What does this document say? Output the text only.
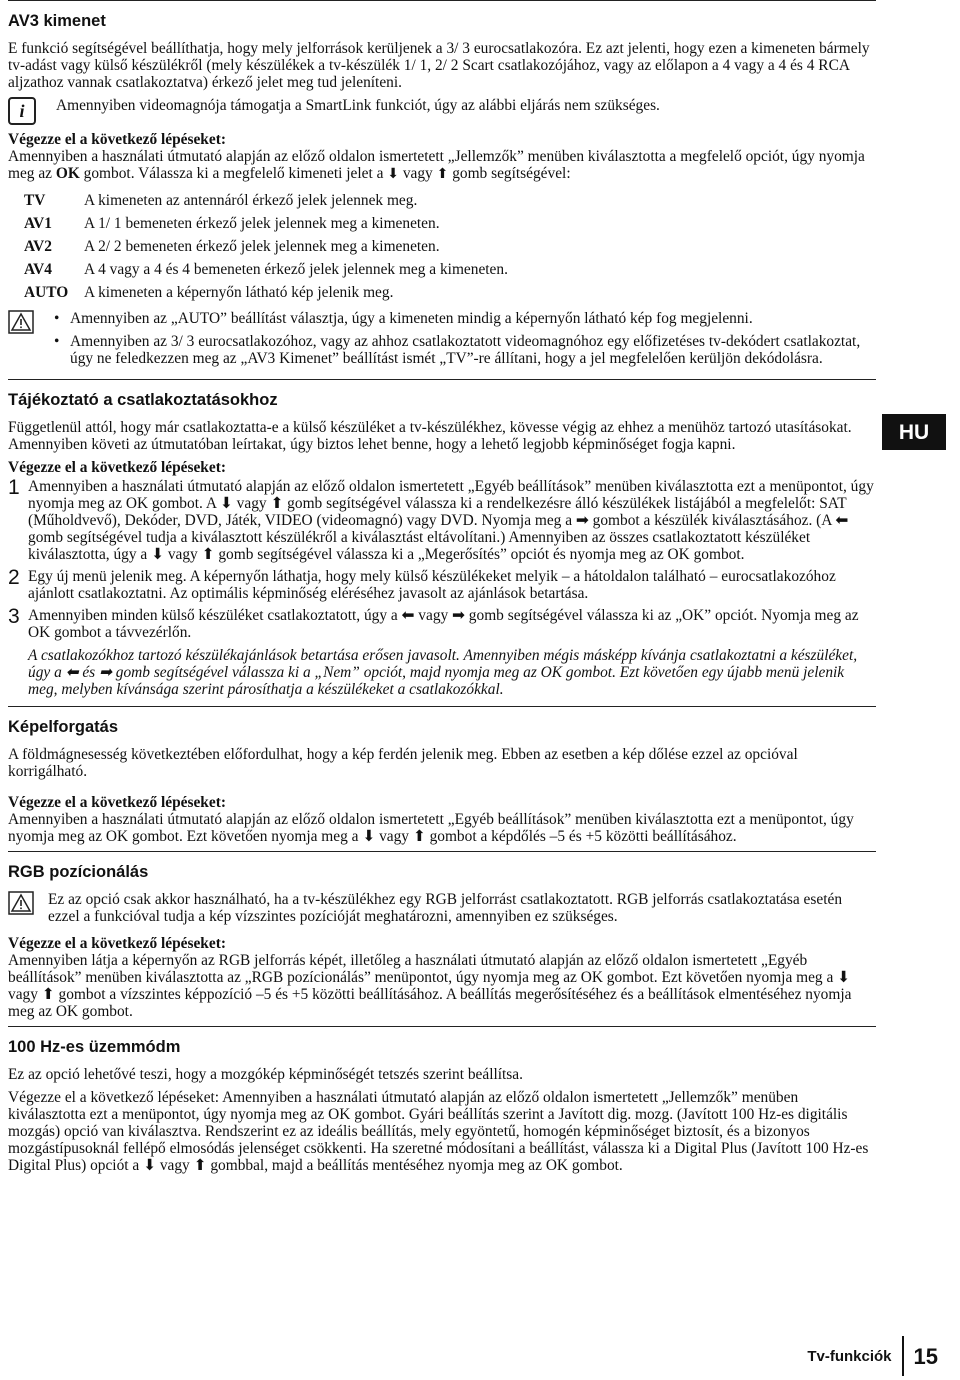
AV3 kimenet

E funkció segítségével beállíthatja, hogy mely jelforrások kerüljenek a 3/ 3 eurocsatlakozóra. Ez azt jelenti, hogy ezen a kimeneten bármely tv-adást vagy külső készülékről (mely készülékek a tv-készülék 1/ 1, 2/ 2 Scart csatlakozójához, vagy az előlapon a 4 vagy a 4 és 4 RCA aljzathoz vannak csatlakoztatva) érkező jelet meg tud jeleníteni.

i	Amennyiben videomagnója támogatja a SmartLink funkciót, úgy az alábbi eljárás nem szükséges.
Végezze el a következő lépéseket:

Amennyiben a használati útmutató alapján az előző oldalon ismertetett „Jellemzők” menüben kiválasztotta a megfelelő opciót, úgy nyomja meg az OK gombot. Válassza ki a megfelelő kimeneti jelet a ⬇ vagy ⬆ gomb segítségével:

TV	A kimeneten az antennáról érkező jelek jelennek meg.
AV1	A 1/ 1 bemeneten érkező jelek jelennek meg a kimeneten.
AV2	A 2/ 2 bemeneten érkező jelek jelennek meg a kimeneten.
AV4	A 4 vagy a 4 és 4 bemeneten érkező jelek jelennek meg a kimeneten.
AUTO	A kimeneten a képernyőn látható kép jelenik meg.
• Amennyiben az „AUTO” beállítást választja, úgy a kimeneten mindig a képernyőn látható kép fog megjelenni.
• Amennyiben az 3/ 3 eurocsatlakozóhoz, vagy az ahhoz csatlakoztatott videomagnóhoz egy előfizetéses tv-dekódert csatlakoztat, úgy ne feledkezzen meg az „AV3 Kimenet” beállítást ismét „TV”-re állítani, hogy a jel megfelelően kerüljön dekódolásra.
Tájékoztató a csatlakoztatásokhoz

Függetlenül attól, hogy már csatlakoztatta-e a külső készüléket a tv-készülékhez, kövesse végig az ehhez a menühöz tartozó utasításokat. Amennyiben követi az útmutatóban leírtakat, úgy biztos lehet benne, hogy a lehető legjobb képminőséget fogja kapni.

Végezze el a következő lépéseket:
1 Amennyiben a használati útmutató alapján az előző oldalon ismertetett „Egyéb beállítások” menüben kiválasztotta ezt a menüpontot, úgy nyomja meg az OK gombot. A ⬇ vagy ⬆ gomb segítségével válassza ki a rendelkezésre álló készülékek listájából a megfelelőt: SAT (Műholdvevő), Dekóder, DVD, Játék, VIDEO (videomagnó) vagy DVD. Nyomja meg a ➡ gombot a készülék kiválasztásához. (A ⬅ gomb segítségével tudja a kiválasztott készülékről a kiválasztást eltávolítani.) Amennyiben az összes csatlakoztatott készüléket kiválasztotta, úgy a ⬇ vagy ⬆ gomb segítségével válassza ki a „Megerősítés” opciót és nyomja meg az OK gombot.
2 Egy új menü jelenik meg. A képernyőn láthatja, hogy mely külső készülékeket melyik – a hátoldalon található – eurocsatlakozóhoz ajánlott csatlakoztatni. Az optimális képminőség eléréséhez javasolt az ajánlások betartása.
3 Amennyiben minden külső készüléket csatlakoztatott, úgy a ⬅ vagy ➡ gomb segítségével válassza ki az „OK” opciót. Nyomja meg az OK gombot a távvezérlőn.

A csatlakozókhoz tartozó készülékajánlások betartása erősen javasolt. Amennyiben mégis másképp kívánja csatlakoztatni a készüléket, úgy a ⬅ és ➡ gomb segítségével válassza ki a „Nem” opciót, majd nyomja meg az OK gombot. Ezt követően egy újabb menü jelenik meg, melyben kívánsága szerint párosíthatja a készülékeket a csatlakozókkal.

Képelforgatás

A földmágnesesség következtében előfordulhat, hogy a kép ferdén jelenik meg. Ebben az esetben a kép dőlése ezzel az opcióval korrigálható.

Végezze el a következő lépéseket:

Amennyiben a használati útmutató alapján az előző oldalon ismertetett „Egyéb beállítások” menüben kiválasztotta ezt a menüpontot, úgy nyomja meg az OK gombot. Ezt követően nyomja meg a ⬇ vagy ⬆ gombot a képdőlés –5 és +5 közötti beállításához.

RGB pozícionálás
Ez az opció csak akkor használható, ha a tv-készülékhez egy RGB jelforrást csatlakoztatott. RGB jelforrás csatlakoztatása esetén ezzel a funkcióval tudja a kép vízszintes pozícióját meghatározni, amennyiben ez szükséges.
Végezze el a következő lépéseket:

Amennyiben látja a képernyőn az RGB jelforrás képét, illetőleg a használati útmutató alapján az előző oldalon ismertetett „Egyéb beállítások” menüben kiválasztotta az „RGB pozícionálás” menüpontot, úgy nyomja meg az OK gombot. Ezt követően nyomja meg a ⬇ vagy ⬆ gombot a vízszintes képpozíció –5 és +5 közötti beállításához. A beállítás megerősítéséhez és a beállítások elmentéséhez nyomja meg az OK gombot.

100 Hz-es üzemmódm

Ez az opció lehetővé teszi, hogy a mozgókép képminőségét tetszés szerint beállítsa.

Végezze el a következő lépéseket: Amennyiben a használati útmutató alapján az előző oldalon ismertetett „Jellemzők” menüben kiválasztotta ezt a menüpontot, úgy nyomja meg az OK gombot. Gyári beállítás szerint a Javított dig. mozg. (Javított 100 Hz-es digitális mozgás) opció van kiválasztva. Rendszerint ez az ideális beállítás, mely egyöntetű, homogén képminőséget biztosít, és a bizonyos mozgástípusoknál fellépő elmosódás jelenséget csökkenti. Ha szeretné módosítani a beállítást, válassza ki a Digital Plus (Javított 100 Hz-es Digital Plus) opciót a ⬇ vagy ⬆ gombbal, majd a beállítás mentéséhez nyomja meg az OK gombot.

HU
Tv-funkciók 15
